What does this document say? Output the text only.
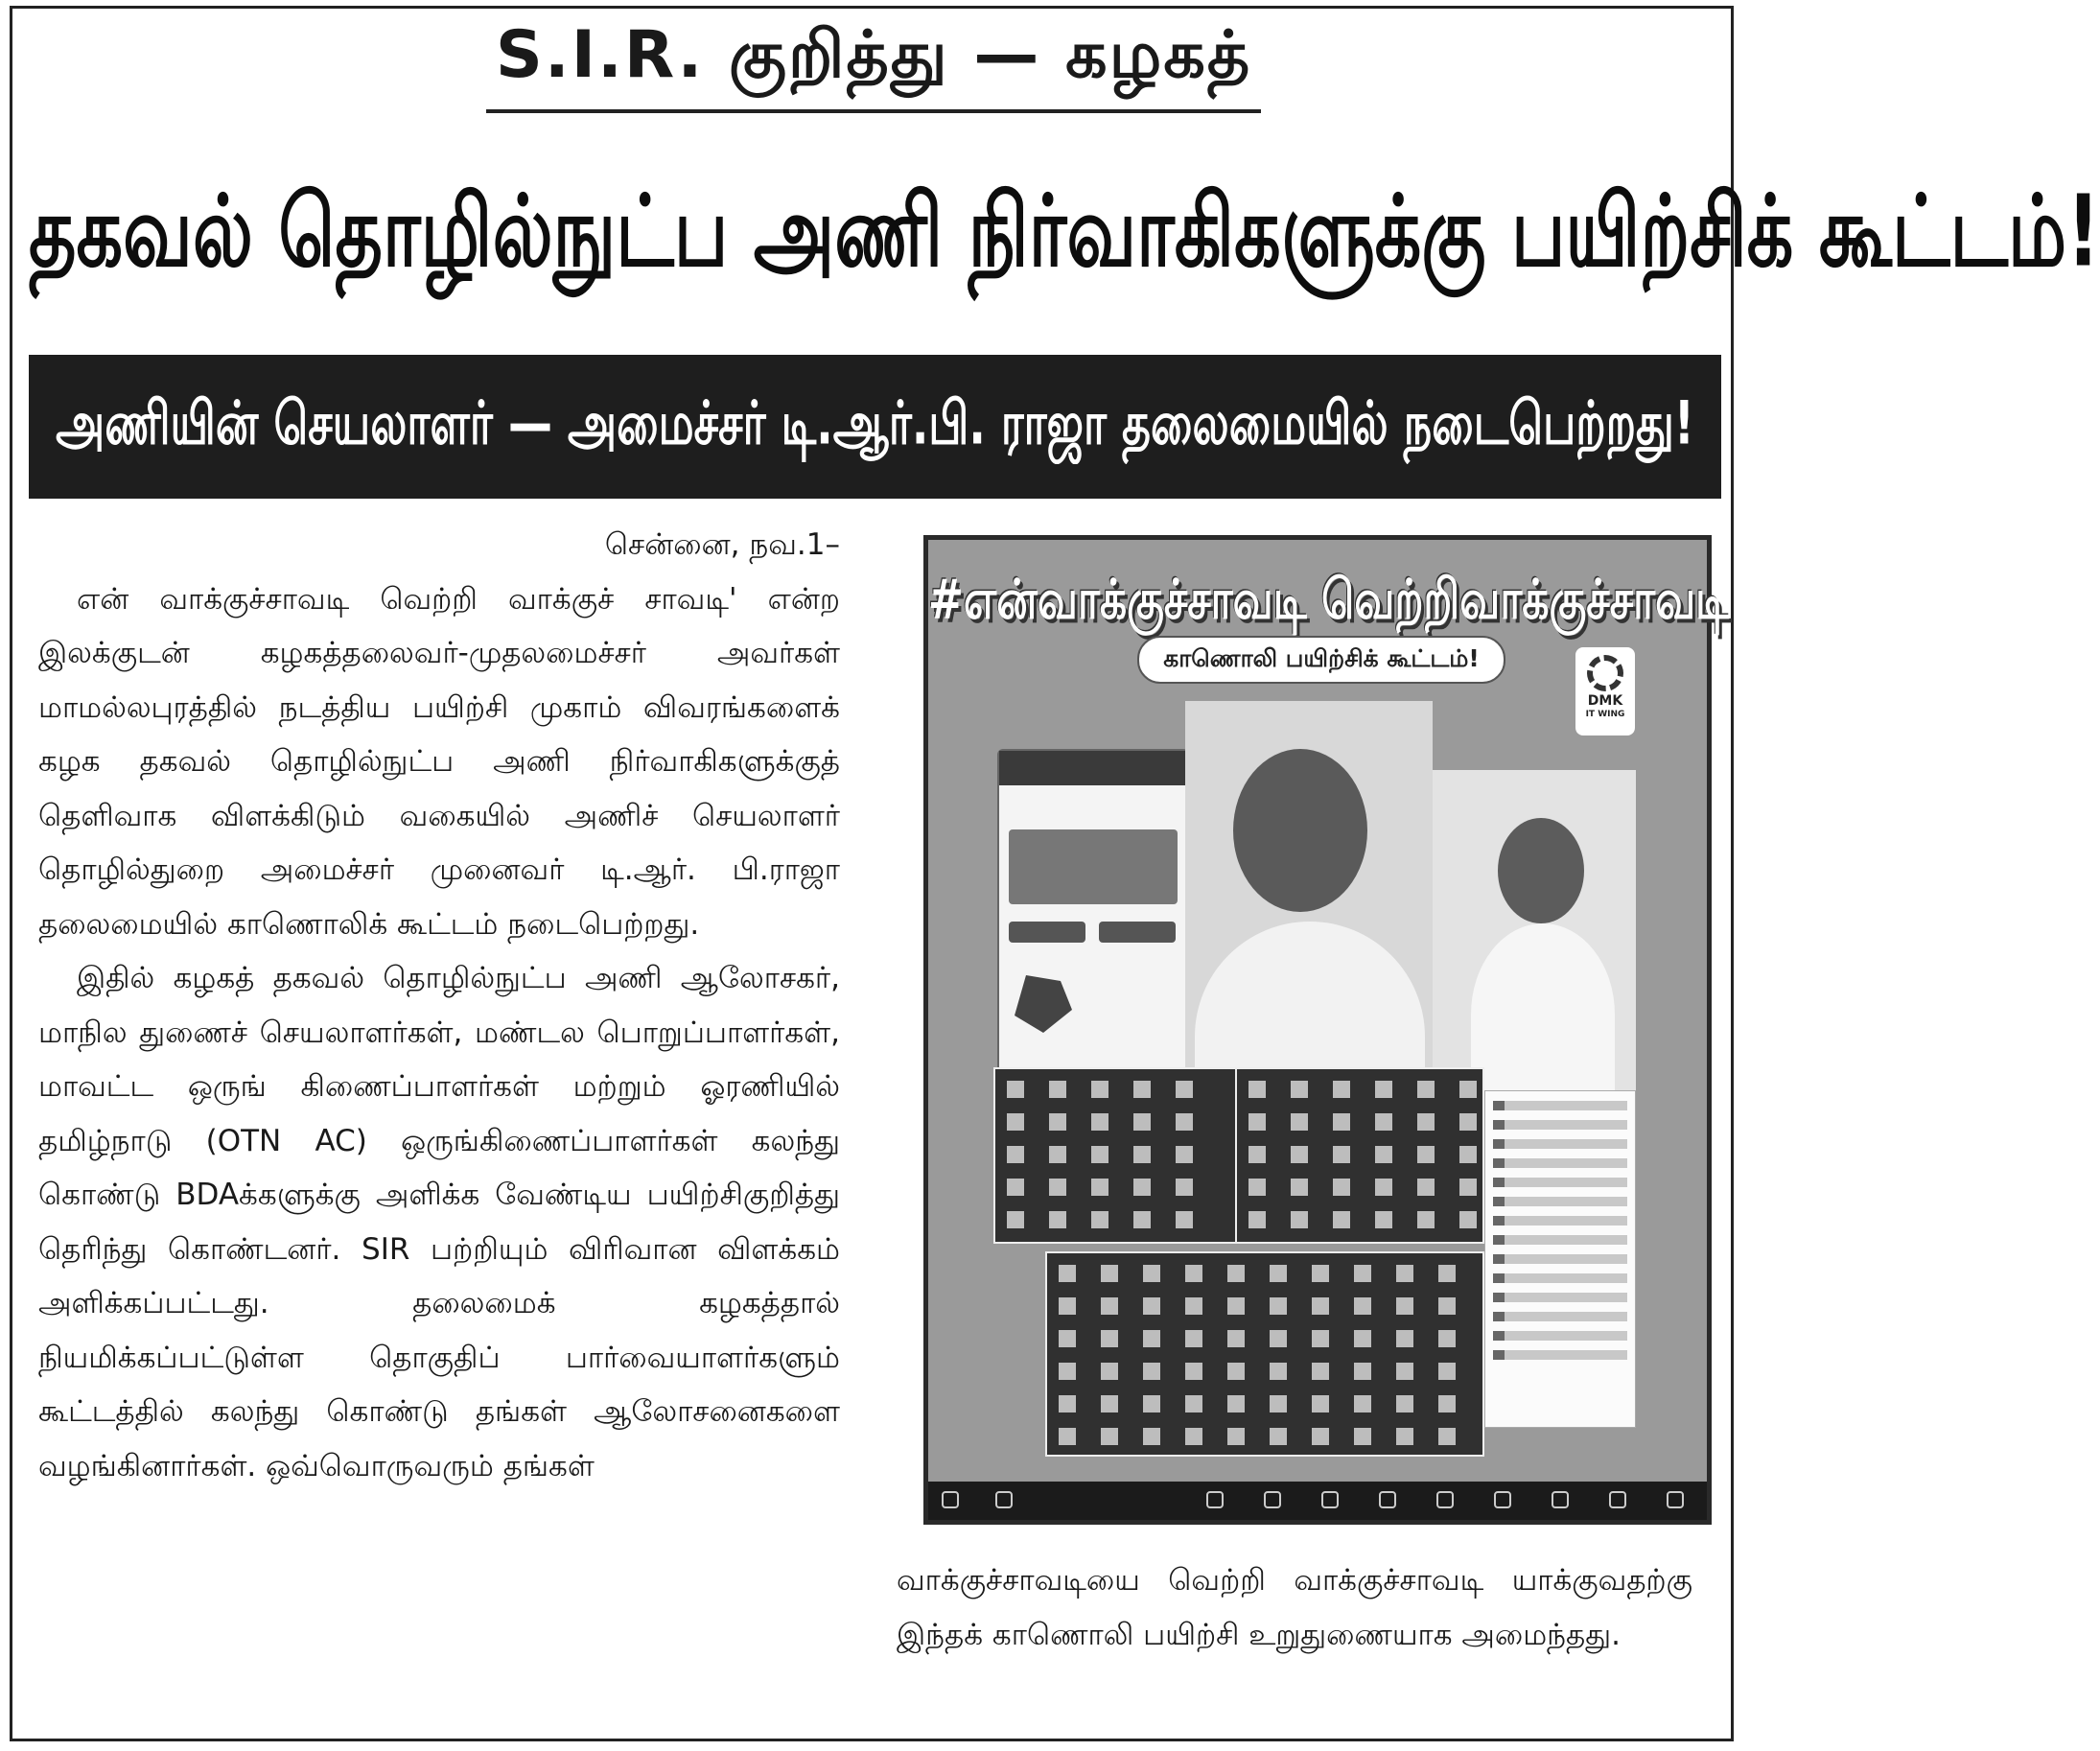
S.I.R. குறித்து — கழகத்
தகவல் தொழில்நுட்ப அணி நிர்வாகிகளுக்கு பயிற்சிக் கூட்டம்!
அணியின் செயலாளர் — அமைச்சர் டி.ஆர்.பி. ராஜா தலைமையில் நடைபெற்றது!
சென்னை, நவ.1–

என் வாக்குச்சாவடி வெற்றி வாக்குச் சாவடி' என்ற இலக்குடன் கழகத்தலைவர்-முதலமைச்சர் அவர்கள் மாமல்லபுரத்தில் நடத்திய பயிற்சி முகாம் விவரங்களைக் கழக தகவல் தொழில்நுட்ப அணி நிர்வாகிகளுக்குத் தெளிவாக விளக்கிடும் வகையில் அணிச் செயலாளர் தொழில்துறை அமைச்சர் முனைவர் டி.ஆர். பி.ராஜா தலைமையில் காணொலிக் கூட்டம் நடைபெற்றது.

இதில் கழகத் தகவல் தொழில்நுட்ப அணி ஆலோசகர், மாநில துணைச் செயலாளர்கள், மண்டல பொறுப்பாளர்கள், மாவட்ட ஒருங் கிணைப்பாளர்கள் மற்றும் ஓரணியில் தமிழ்நாடு (OTN AC) ஒருங்கிணைப்பாளர்கள் கலந்து கொண்டு BDAக்களுக்கு அளிக்க வேண்டிய பயிற்சிகுறித்து தெரிந்து கொண்டனர். SIR பற்றியும் விரிவான விளக்கம் அளிக்கப்பட்டது. தலைமைக் கழகத்தால் நியமிக்கப்பட்டுள்ள தொகுதிப் பார்வையாளர்களும் கூட்டத்தில் கலந்து கொண்டு தங்கள் ஆலோசனைகளை வழங்கினார்கள். ஒவ்வொருவரும் தங்கள்

#என்வாக்குச்சாவடி வெற்றிவாக்குச்சாவடி
காணொலி பயிற்சிக் கூட்டம்!
DMK
IT WING

வாக்குச்சாவடியை வெற்றி வாக்குச்சாவடி யாக்குவதற்கு இந்தக் காணொலி பயிற்சி உறுதுணையாக அமைந்தது.
